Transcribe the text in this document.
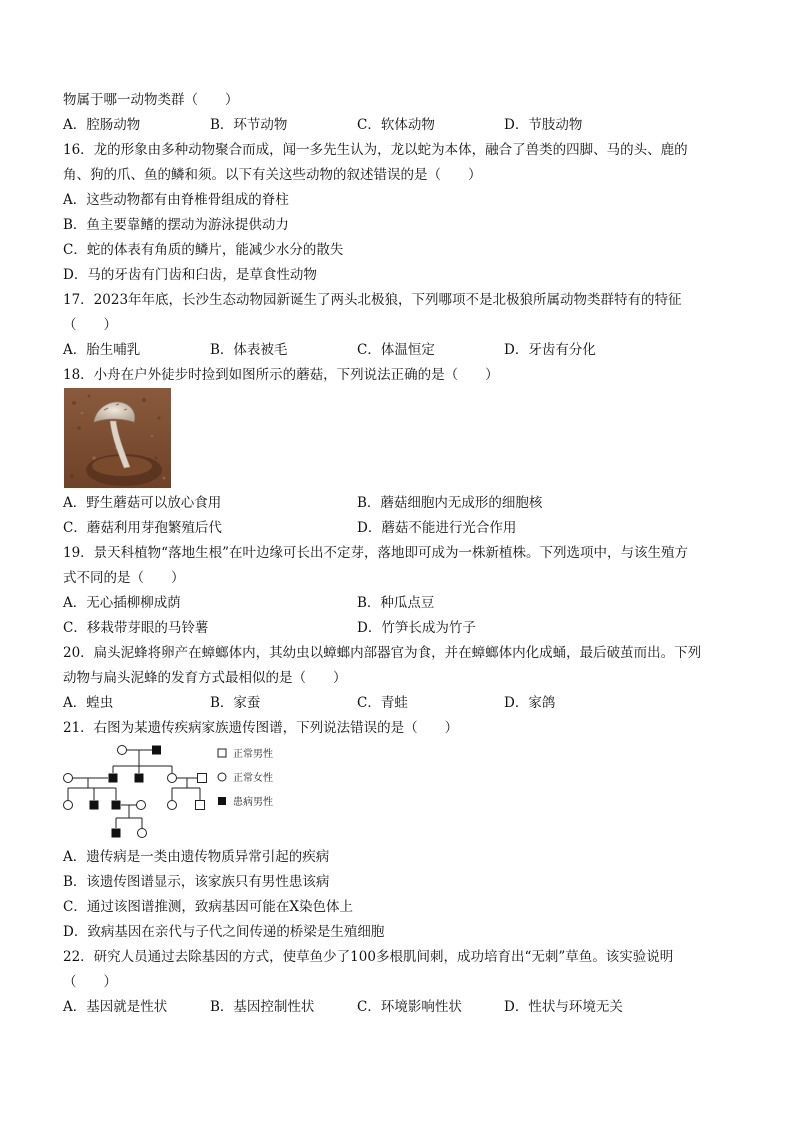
物属于哪一动物类群（　　）
A．腔肠动物	B．环节动物	C．软体动物	D．节肢动物
16．龙的形象由多种动物聚合而成，闻一多先生认为，龙以蛇为本体，融合了兽类的四脚、马的头、鹿的
角、狗的爪、鱼的鳞和须。以下有关这些动物的叙述错误的是（　　）
A．这些动物都有由脊椎骨组成的脊柱
B．鱼主要靠鳍的摆动为游泳提供动力
C．蛇的体表有角质的鳞片，能减少水分的散失
D．马的牙齿有门齿和臼齿，是草食性动物
17．2023年年底，长沙生态动物园新诞生了两头北极狼，下列哪项不是北极狼所属动物类群特有的特征
（　　）
A．胎生哺乳	B．体表被毛	C．体温恒定	D．牙齿有分化
18．小舟在户外徒步时捡到如图所示的蘑菇，下列说法正确的是（　　）
A．野生蘑菇可以放心食用	B．蘑菇细胞内无成形的细胞核
C．蘑菇利用芽孢繁殖后代	D．蘑菇不能进行光合作用
19．景天科植物“落地生根”在叶边缘可长出不定芽，落地即可成为一株新植株。下列选项中，与该生殖方
式不同的是（　　）
A．无心插柳柳成荫	B．种瓜点豆
C．移栽带芽眼的马铃薯	D．竹笋长成为竹子
20．扁头泥蜂将卵产在蟑螂体内，其幼虫以蟑螂内部器官为食，并在蟑螂体内化成蛹，最后破茧而出。下列
动物与扁头泥蜂的发育方式最相似的是（　　）
A．蝗虫	B．家蚕	C．青蛙	D．家鸽
21．右图为某遗传疾病家族遗传图谱，下列说法错误的是（　　）
正常男性
正常女性
患病男性
A．遗传病是一类由遗传物质异常引起的疾病
B．该遗传图谱显示，该家族只有男性患该病
C．通过该图谱推测，致病基因可能在X染色体上
D．致病基因在亲代与子代之间传递的桥梁是生殖细胞
22．研究人员通过去除基因的方式，使草鱼少了100多根肌间刺，成功培育出“无刺”草鱼。该实验说明
（　　）
A．基因就是性状	B．基因控制性状	C．环境影响性状	D．性状与环境无关
